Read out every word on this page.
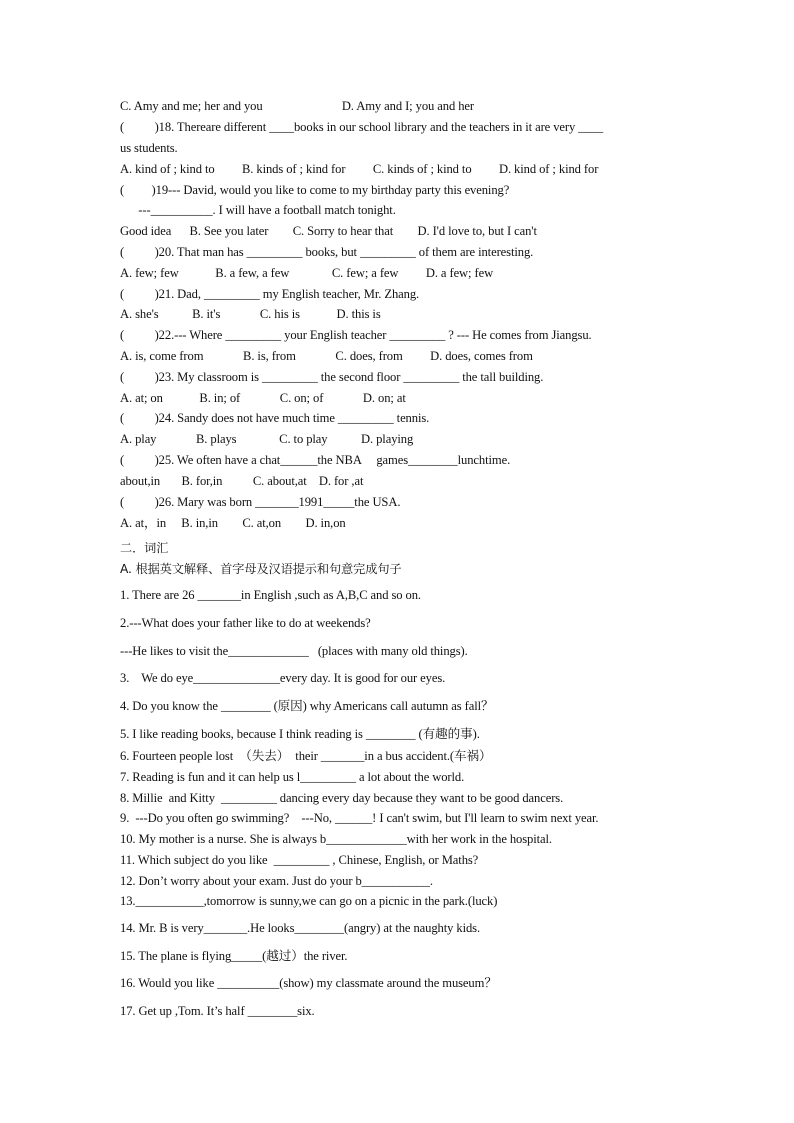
C. Amy and me; her and you                          D. Amy and I; you and her
(          )18. Thereare different ____books in our school library and the teachers in it are very ____
us students.
A. kind of ; kind to         B. kinds of ; kind for         C. kinds of ; kind to         D. kind of ; kind for
(         )19--- David, would you like to come to my birthday party this evening?
---__________. I will have a football match tonight.
Good idea      B. See you later        C. Sorry to hear that        D. I'd love to, but I can't
(          )20. That man has _________ books, but _________ of them are interesting.
A. few; few            B. a few, a few              C. few; a few         D. a few; few
(          )21. Dad, _________ my English teacher, Mr. Zhang.
A. she's           B. it's             C. his is            D. this is
(          )22.--- Where _________ your English teacher _________ ? --- He comes from Jiangsu.
A. is, come from             B. is, from             C. does, from         D. does, comes from
(          )23. My classroom is _________ the second floor _________ the tall building.
A. at; on            B. in; of             C. on; of             D. on; at
(          )24. Sandy does not have much time _________ tennis.
A. play             B. plays              C. to play           D. playing
(          )25. We often have a chat______the NBA     games________lunchtime.
about,in       B. for,in          C. about,at    D. for ,at
(          )26. Mary was born _______1991_____the USA.
A. at，in     B. in,in        C. at,on        D. in,on
二．词汇
A. 根据英文解释、首字母及汉语提示和句意完成句子
1. There are 26 _______in English ,such as A,B,C and so on.
2.---What does your father like to do at weekends?
---He likes to visit the_____________   (places with many old things).
3.    We do eye______________every day. It is good for our eyes.
4. Do you know the ________ (原因) why Americans call autumn as fall？
5. I like reading books, because I think reading is ________ (有趣的事).
6. Fourteen people lost  （失去）  their _______in a bus accident.(车祸）
7. Reading is fun and it can help us l_________ a lot about the world.
8. Millie  and Kitty  _________ dancing every day because they want to be good dancers.
9.  ---Do you often go swimming?    ---No, ______! I can't swim, but I'll learn to swim next year.
10. My mother is a nurse. She is always b_____________with her work in the hospital.
11. Which subject do you like  _________ , Chinese, English, or Maths?
12. Don’t worry about your exam. Just do your b___________.
13.___________,tomorrow is sunny,we can go on a picnic in the park.(luck)
14. Mr. B is very_______.He looks________(angry) at the naughty kids.
15. The plane is flying_____(越过）the river.
16. Would you like __________(show) my classmate around the museum？
17. Get up ,Tom. It’s half ________six.
